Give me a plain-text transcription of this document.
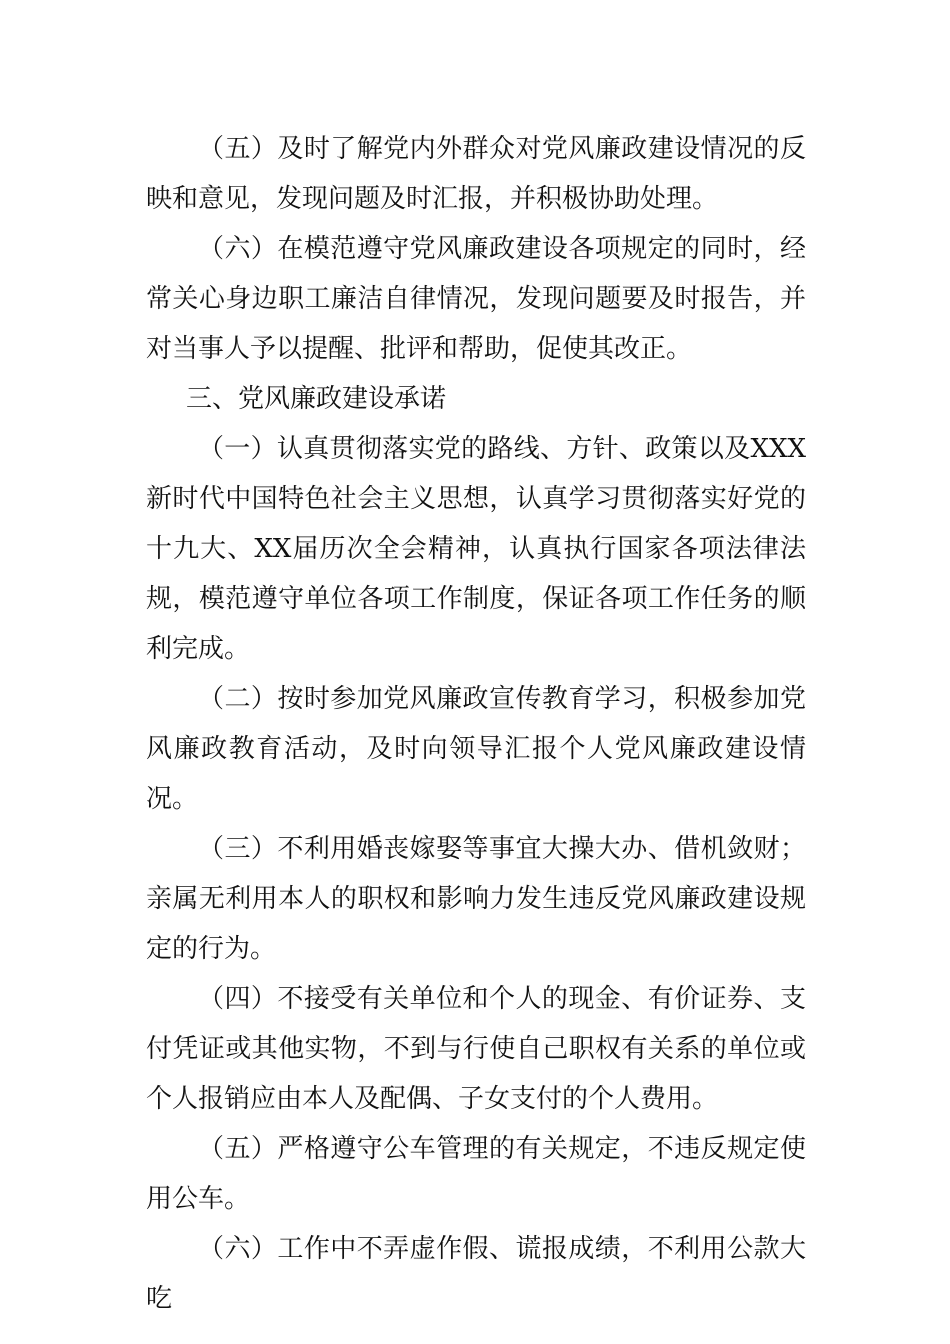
（五）及时了解党内外群众对党风廉政建设情况的反映和意见，发现问题及时汇报，并积极协助处理。

（六）在模范遵守党风廉政建设各项规定的同时，经常关心身边职工廉洁自律情况，发现问题要及时报告，并对当事人予以提醒、批评和帮助，促使其改正。

三、党风廉政建设承诺

（一）认真贯彻落实党的路线、方针、政策以及XXX新时代中国特色社会主义思想，认真学习贯彻落实好党的十九大、XX届历次全会精神，认真执行国家各项法律法规，模范遵守单位各项工作制度，保证各项工作任务的顺利完成。

（二）按时参加党风廉政宣传教育学习，积极参加党风廉政教育活动，及时向领导汇报个人党风廉政建设情况。

（三）不利用婚丧嫁娶等事宜大操大办、借机敛财；亲属无利用本人的职权和影响力发生违反党风廉政建设规定的行为。

（四）不接受有关单位和个人的现金、有价证券、支付凭证或其他实物，不到与行使自己职权有关系的单位或个人报销应由本人及配偶、子女支付的个人费用。

（五）严格遵守公车管理的有关规定，不违反规定使用公车。

（六）工作中不弄虚作假、谎报成绩，不利用公款大吃
